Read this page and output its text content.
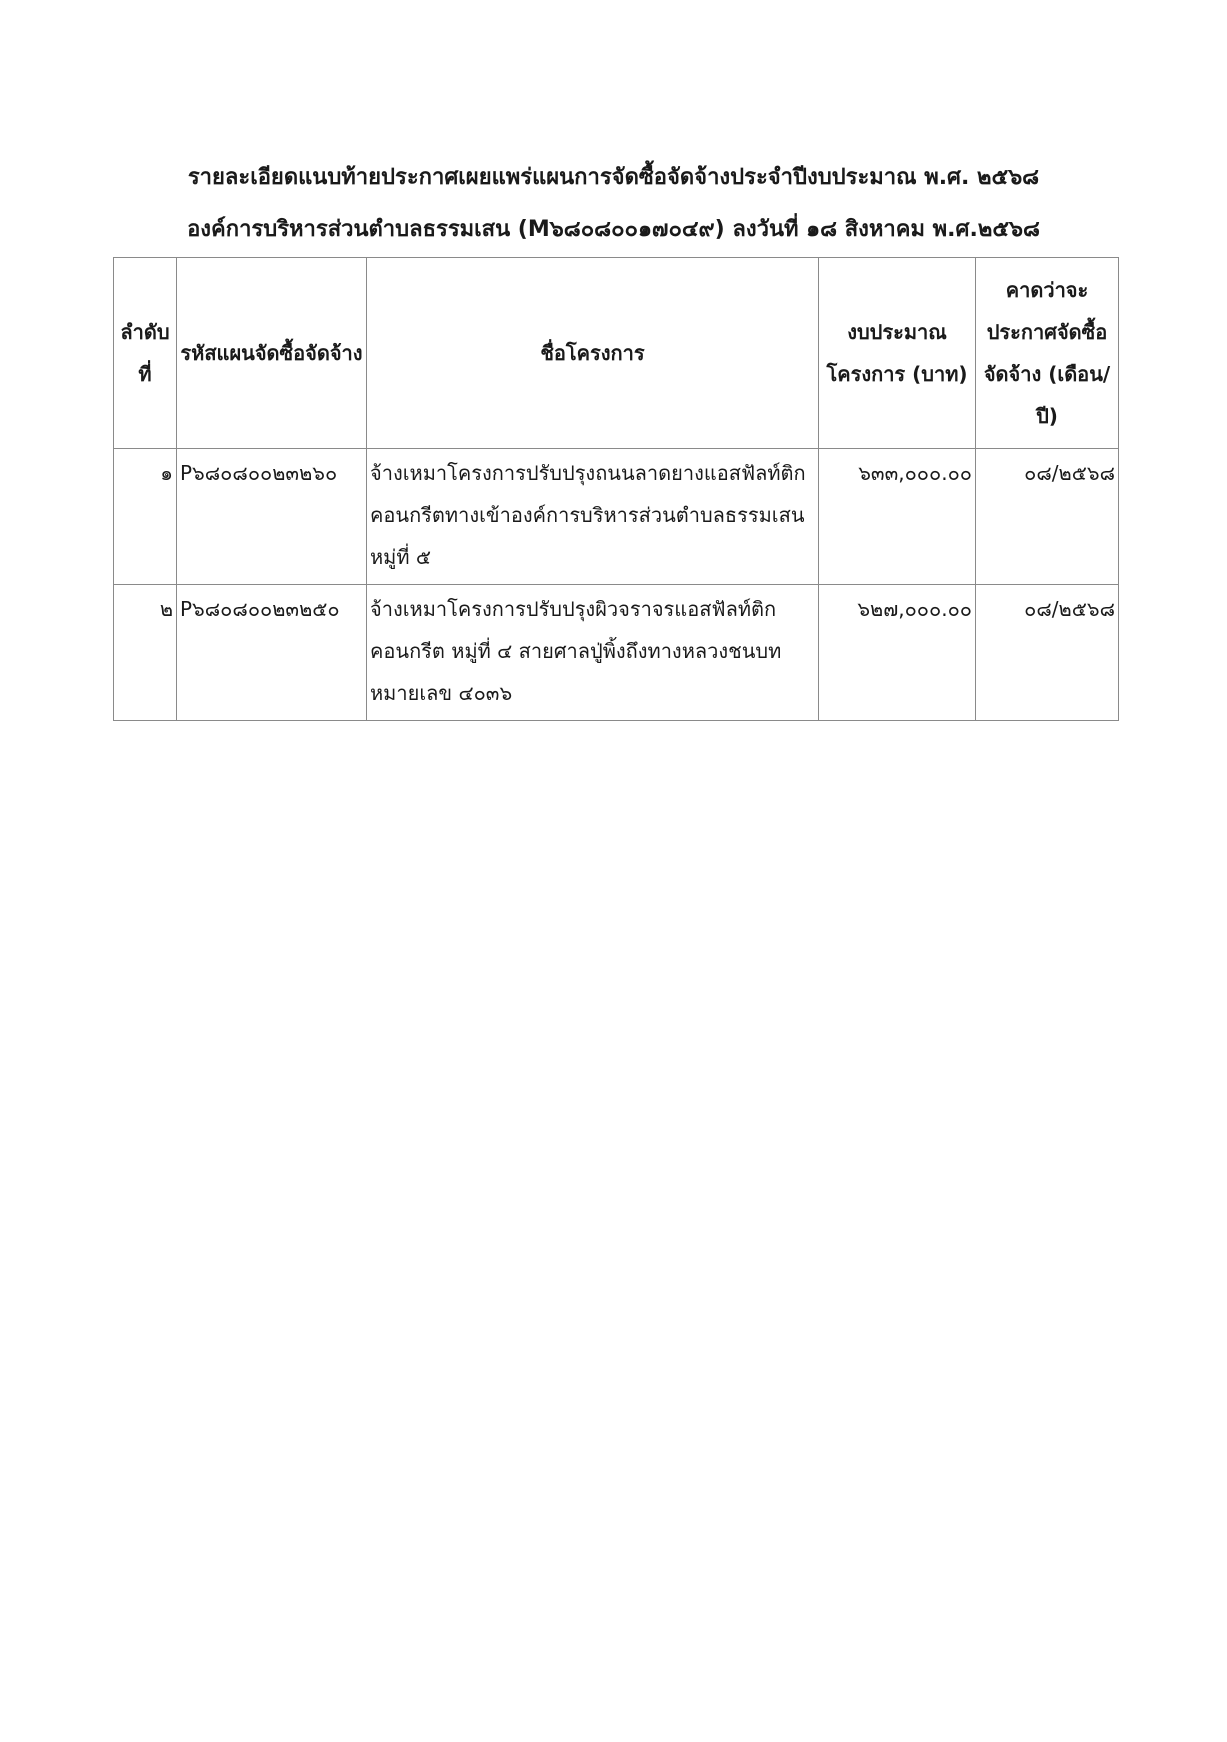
รายละเอียดแนบท้ายประกาศเผยแพร่แผนการจัดซื้อจัดจ้างประจำปีงบประมาณ พ.ศ. ๒๕๖๘
องค์การบริหารส่วนตำบลธรรมเสน (M๖๘๐๘๐๐๑๗๐๔๙) ลงวันที่ ๑๘ สิงหาคม พ.ศ.๒๕๖๘
ลำดับที่	รหัสแผนจัดซื้อจัดจ้าง	ชื่อโครงการ	งบประมาณโครงการ (บาท)	คาดว่าจะประกาศจัดซื้อจัดจ้าง (เดือน/ปี)
๑	P๖๘๐๘๐๐๒๓๒๖๐	จ้างเหมาโครงการปรับปรุงถนนลาดยางแอสฟัลท์ติกคอนกรีตทางเข้าองค์การบริหารส่วนตำบลธรรมเสน หมู่ที่ ๕	๖๓๓,๐๐๐.๐๐	๐๘/๒๕๖๘
๒	P๖๘๐๘๐๐๒๓๒๕๐	จ้างเหมาโครงการปรับปรุงผิวจราจรแอสฟัลท์ติกคอนกรีต หมู่ที่ ๔ สายศาลปู่พิ้งถึงทางหลวงชนบท หมายเลข ๔๐๓๖	๖๒๗,๐๐๐.๐๐	๐๘/๒๕๖๘
